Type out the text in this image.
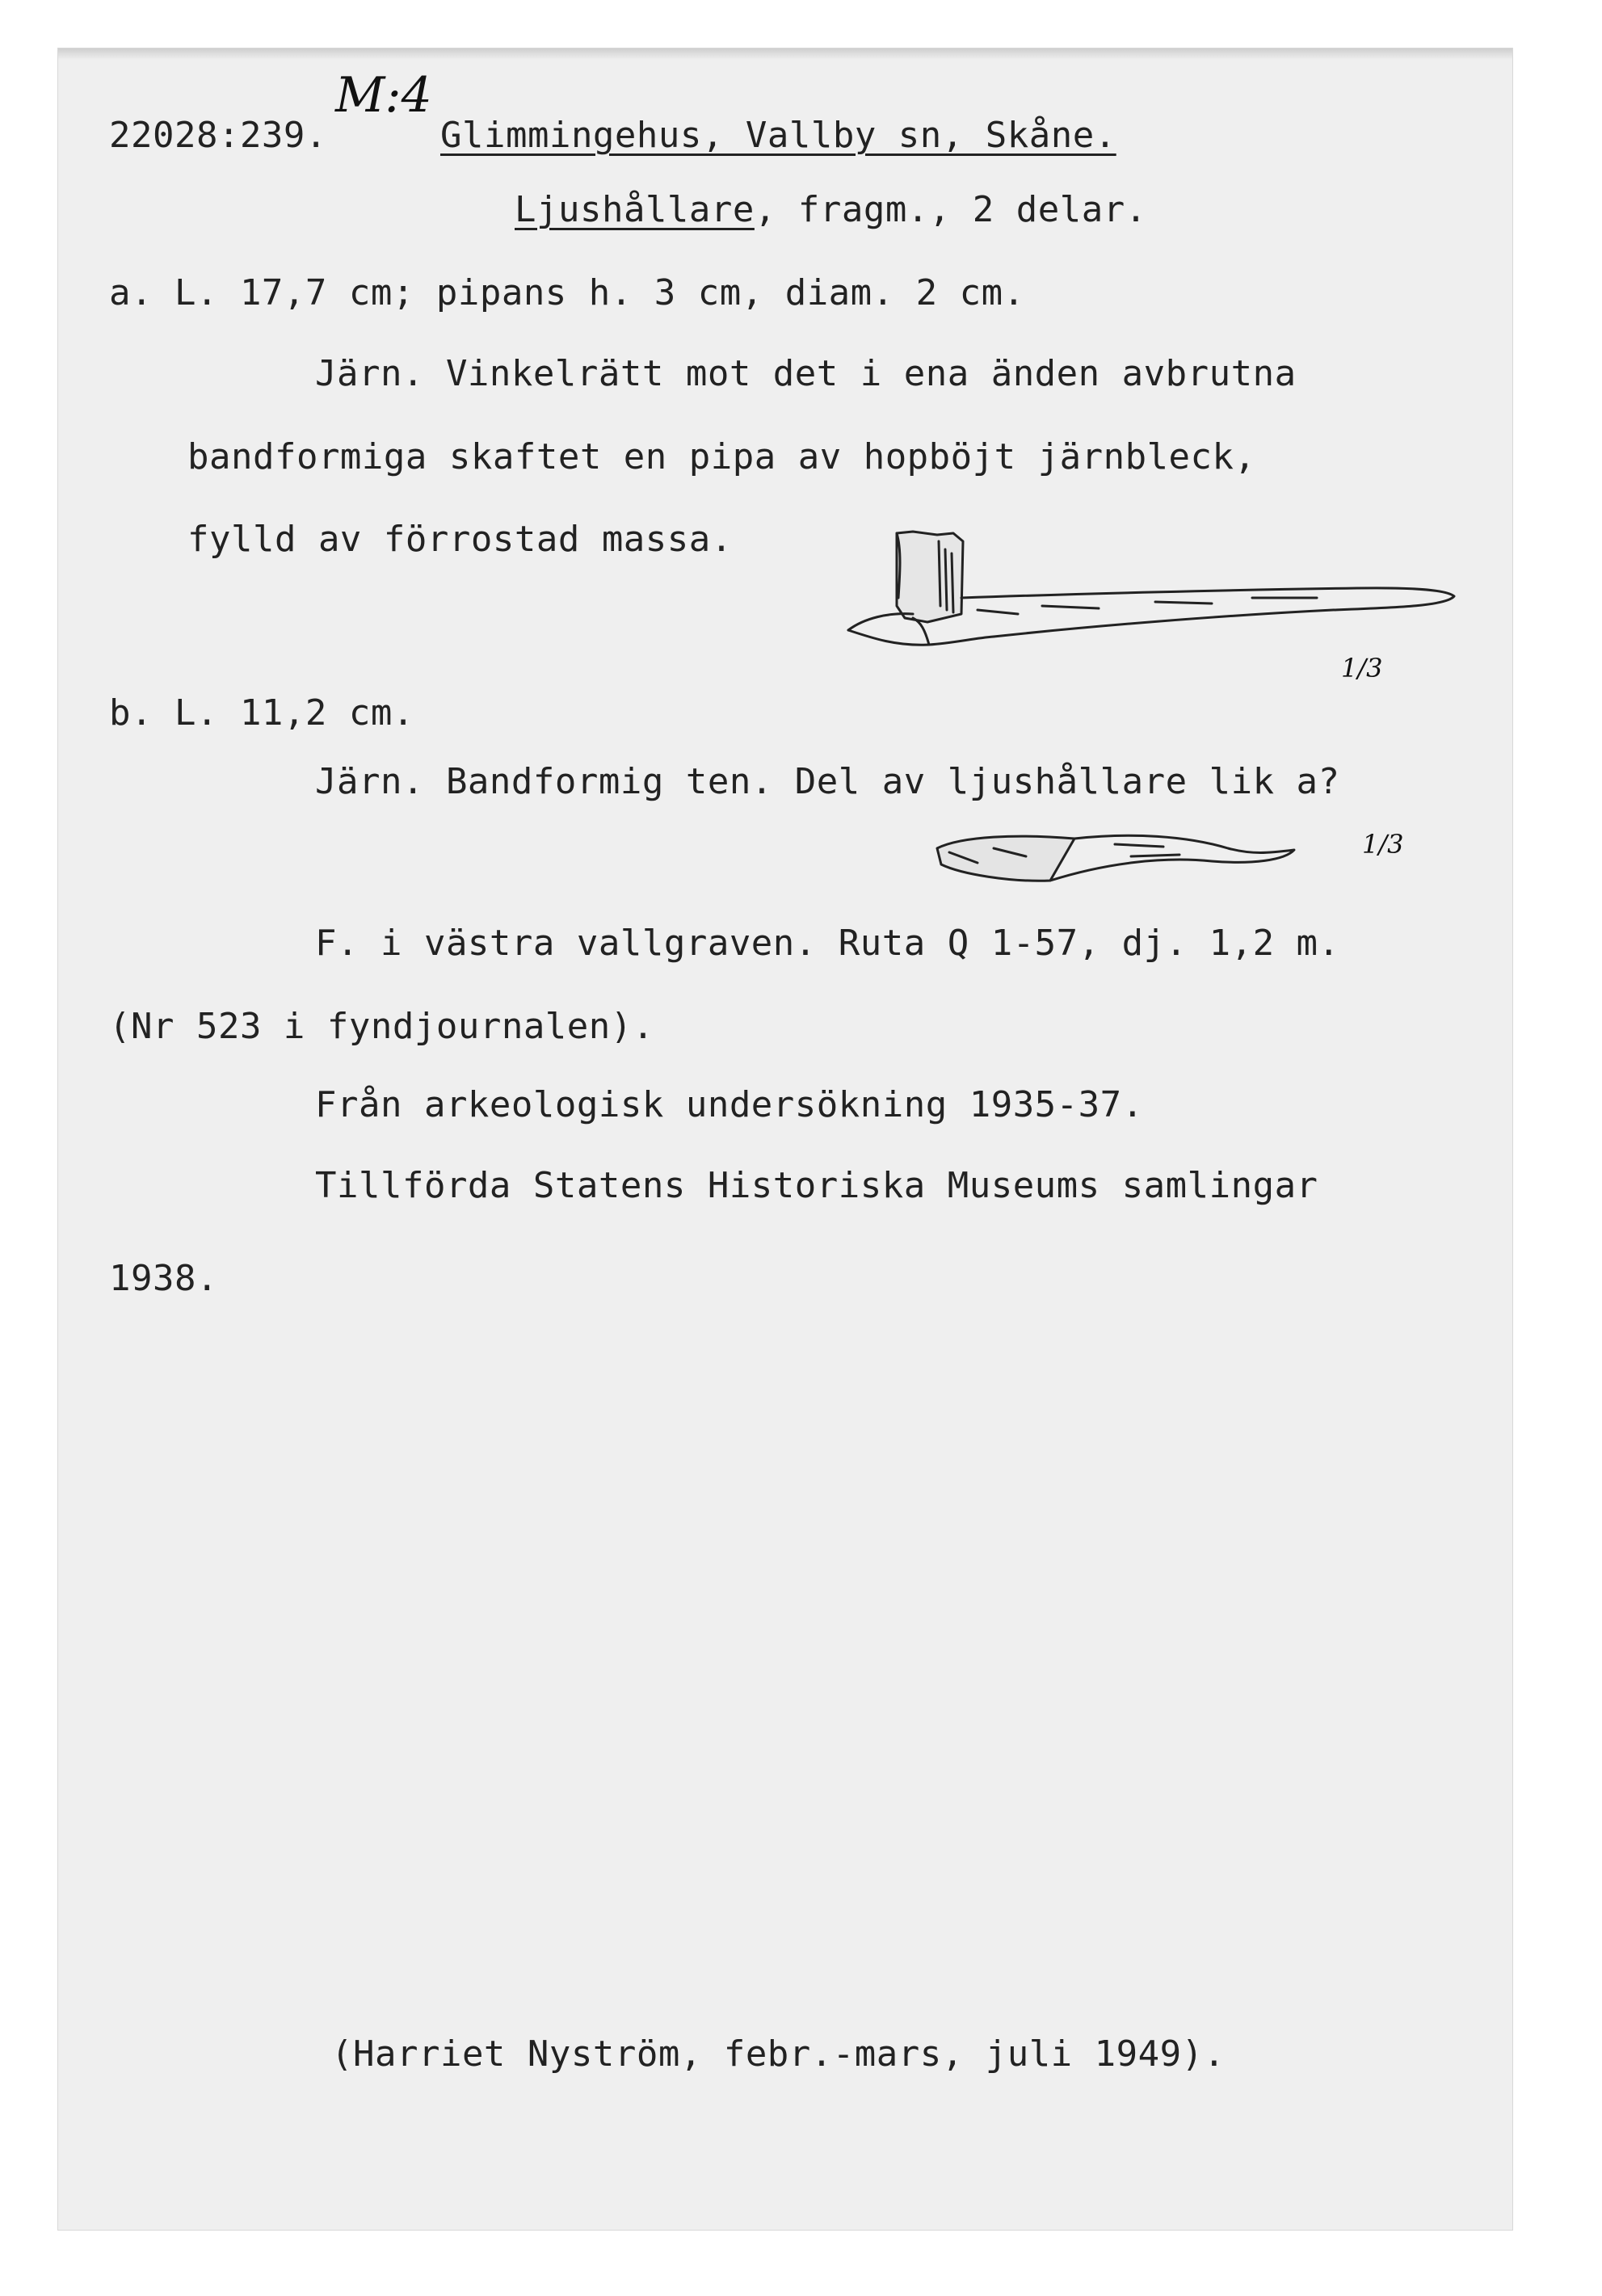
22028:239.
M:4
Glimmingehus, Vallby sn, Skåne.
Ljushållare, fragm., 2 delar.
a. L. 17,7 cm; pipans h. 3 cm, diam. 2 cm.
Järn. Vinkelrätt mot det i ena änden avbrutna
bandformiga skaftet en pipa av hopböjt järnbleck,
fylld av förrostad massa.
1/3
b. L. 11,2 cm.
Järn. Bandformig ten. Del av ljushållare lik a?
1/3
F. i västra vallgraven. Ruta Q 1-57, dj. 1,2 m.
(Nr 523 i fyndjournalen).
Från arkeologisk undersökning 1935-37.
Tillförda Statens Historiska Museums samlingar
1938.
(Harriet Nyström, febr.-mars, juli 1949).
